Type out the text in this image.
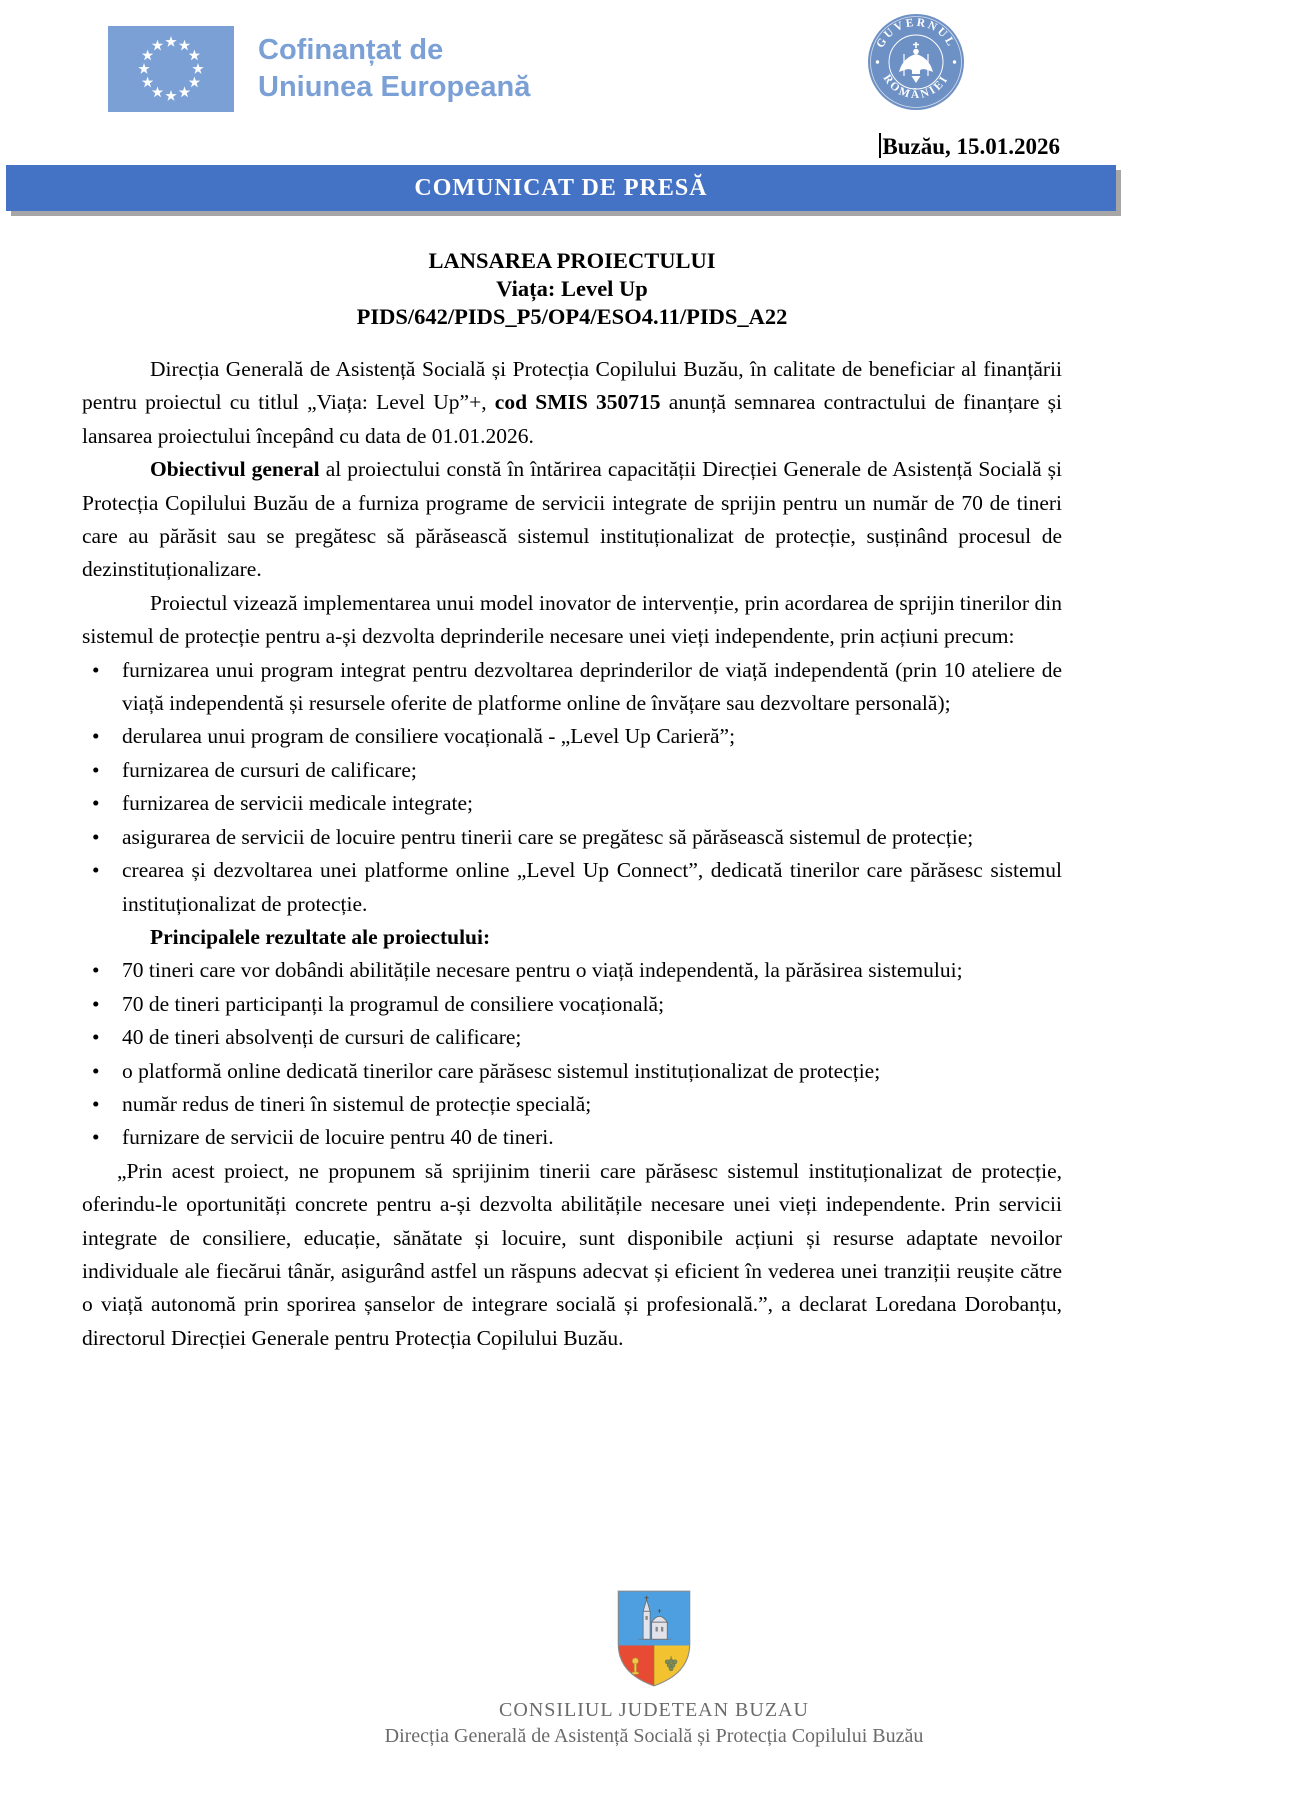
Cofinanțat de
Uniunea Europeană
GUVERNUL
ROMÂNIEI
Buzău, 15.01.2026
COMUNICAT DE PRESĂ
LANSAREA PROIECTULUI
Viața: Level Up
PIDS/642/PIDS_P5/OP4/ESO4.11/PIDS_A22

Direcția Generală de Asistență Socială și Protecția Copilului Buzău, în calitate de beneficiar al finanțării pentru proiectul cu titlul „Viața: Level Up”+, cod SMIS 350715 anunță semnarea contractului de finanțare și lansarea proiectului începând cu data de 01.01.2026.

Obiectivul general al proiectului constă în întărirea capacității Direcției Generale de Asistență Socială și Protecția Copilului Buzău de a furniza programe de servicii integrate de sprijin pentru un număr de 70 de tineri care au părăsit sau se pregătesc să părăsească sistemul instituționalizat de protecție, susținând procesul de dezinstituționalizare.

Proiectul vizează implementarea unui model inovator de intervenție, prin acordarea de sprijin tinerilor din sistemul de protecție pentru a-și dezvolta deprinderile necesare unei vieți independente, prin acțiuni precum:

• furnizarea unui program integrat pentru dezvoltarea deprinderilor de viață independentă (prin 10 ateliere de viață independentă și resursele oferite de platforme online de învățare sau dezvoltare personală);
• derularea unui program de consiliere vocațională - „Level Up Carieră”;
• furnizarea de cursuri de calificare;
• furnizarea de servicii medicale integrate;
• asigurarea de servicii de locuire pentru tinerii care se pregătesc să părăsească sistemul de protecție;
• crearea și dezvoltarea unei platforme online „Level Up Connect”, dedicată tinerilor care părăsesc sistemul instituționalizat de protecție.

Principalele rezultate ale proiectului:

• 70 tineri care vor dobândi abilitățile necesare pentru o viață independentă, la părăsirea sistemului;
• 70 de tineri participanți la programul de consiliere vocațională;
• 40 de tineri absolvenți de cursuri de calificare;
• o platformă online dedicată tinerilor care părăsesc sistemul instituționalizat de protecție;
• număr redus de tineri în sistemul de protecție specială;
• furnizare de servicii de locuire pentru 40 de tineri.

„Prin acest proiect, ne propunem să sprijinim tinerii care părăsesc sistemul instituționalizat de protecție, oferindu-le oportunități concrete pentru a-și dezvolta abilitățile necesare unei vieți independente. Prin servicii integrate de consiliere, educație, sănătate și locuire, sunt disponibile acțiuni și resurse adaptate nevoilor individuale ale fiecărui tânăr, asigurând astfel un răspuns adecvat și eficient în vederea unei tranziții reușite către o viață autonomă prin sporirea șanselor de integrare socială și profesională.”, a declarat Loredana Dorobanțu, directorul Direcției Generale pentru Protecția Copilului Buzău.

CONSILIUL JUDETEAN BUZAU
Direcția Generală de Asistență Socială și Protecția Copilului Buzău
